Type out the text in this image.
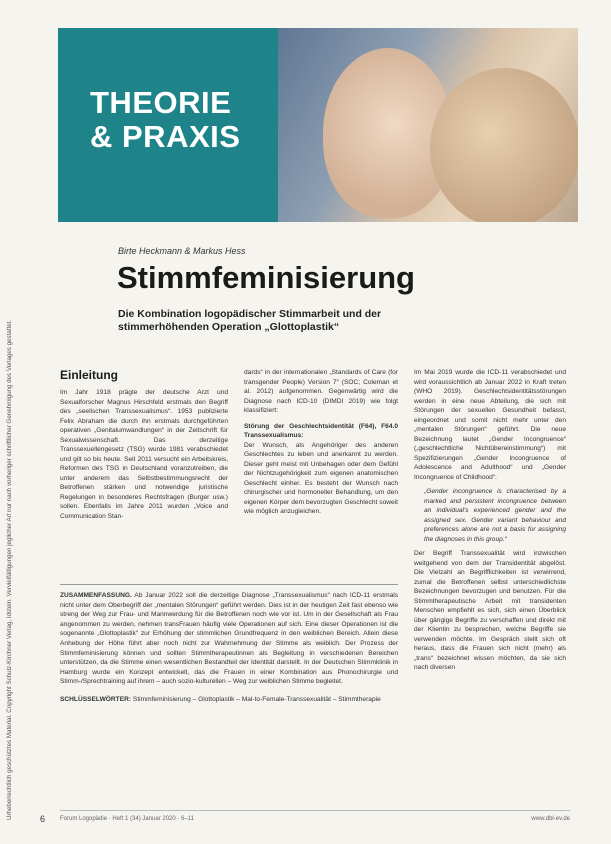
Urheberrechtlich geschütztes Material. Copyright Schulz-Kirchner Verlag, Idstein. Vervielfältigungen jeglicher Art nur nach vorheriger schriftlicher Genehmigung des Verlages gestattet.
THEORIE
& PRAXIS
Birte Heckmann & Markus Hess
Stimmfeminisierung
Die Kombination logopädischer Stimmarbeit und der stimmerhöhenden Operation „Glottoplastik“
Einleitung

Im Jahr 1918 prägte der deutsche Arzt und Sexualforscher Magnus Hirschfeld erstmals den Begriff des „seelischen Transsexualismus“. 1953 publizierte Felix Abraham die durch ihn erstmals durchgeführten operativen „Genitalumwandlungen“ in der Zeitschrift für Sexualwissenschaft. Das derzeitige Transsexuellengesetz (TSG) wurde 1981 verabschiedet und gilt so bis heute. Seit 2011 versucht ein Arbeitskreis, Reformen des TSG in Deutschland voranzutreiben, die unter anderem das Selbstbestimmungsrecht der Betroffenen stärken und notwendige juristische Regelungen in besonderes Rechtsfragen (Burger usw.) sollen. Ebenfalls im Jahre 2011 wurden „Voice and Communication Stan-

dards“ in der internationalen „Standards of Care (for transgender People) Version 7“ (SOC; Coleman et al. 2012) aufgenommen. Gegenwärtig wird die Diagnose nach ICD-10 (DIMDI 2019) wie folgt klassifiziert:

Störung der Geschlechtsidentität (F64), F64.0 Transsexualismus:
Der Wunsch, als Angehöriger des anderen Geschlechtes zu leben und anerkannt zu werden. Dieser geht meist mit Unbehagen oder dem Gefühl der Nichtzugehörigkeit zum eigenen anatomischen Geschlecht einher. Es besteht der Wunsch nach chirurgischer und hormoneller Behandlung, um den eigenen Körper dem bevorzugten Geschlecht soweit wie möglich anzugleichen.

Im Mai 2019 wurde die ICD-11 verabschiedet und wird voraussichtlich ab Januar 2022 in Kraft treten (WHO 2019). Geschlechtsidentitätsstörungen werden in eine neue Abteilung, die sich mit Störungen der sexuellen Gesundheit befasst, eingeordnet und somit nicht mehr unter den „mentalen Störungen“ geführt. Die neue Bezeichnung lautet „Gender Incongruence“ („geschlechtliche Nichtübereinstimmung“) mit Spezifizierungen „Gender Incongruence of Adolescence and Adulthood“ und „Gender Incongruence of Childhood“.

„Gender incongruence is characterised by a marked and persistent incongruence between an individual's experienced gender and the assigned sex. Gender variant behaviour and preferences alone are not a basis for assigning the diagnoses in this group.“

Der Begriff Transsexualität wird inzwischen weitgehend von dem der Transidentität abgelöst. Die Vielzahl an Begrifflichkeiten ist verwirrend, zumal die Betroffenen selbst unterschiedlichste Bezeichnungen bevorzugen und benutzen. Für die Stimmtherapeutische Arbeit mit transidenten Menschen empfiehlt es sich, sich einen Überblick über gängige Begriffe zu verschaffen und direkt mit der Klientin zu besprechen, welche Begriffe sie verwenden möchte. Im Gespräch stellt sich oft heraus, dass die Frauen sich nicht (mehr) als „trans“ bezeichnet wissen möchten, da sie sich nach diversen

ZUSAMMENFASSUNG. Ab Januar 2022 soll die derzeitige Diagnose „Transsexualismus“ nach ICD-11 erstmals nicht unter dem Oberbegriff der „mentalen Störungen“ geführt werden. Dies ist in der heutigen Zeit fast ebenso wie streng der Weg zur Frau- und Mannwerdung für die Betroffenen noch wie vor ist. Um in der Gesellschaft als Frau angenommen zu werden, nehmen transFrauen häufig viele Operationen auf sich. Eine dieser Operationen ist die sogenannte „Glottoplastik“ zur Erhöhung der stimmlichen Grundfrequenz in den weiblichen Bereich. Allein diese Anhebung der Höhe führt aber noch nicht zur Wahrnehmung der Stimme als weiblich. Der Prozess der Stimmfeminisierung können und sollten Stimmtherapeutinnen als Begleitung in verschiedenen Bereichen unterstützen, da die Stimme einen wesentlichen Bestandteil der Identität darstellt. In der Deutschen Stimmklinik in Hamburg wurde ein Konzept entwickelt, das die Frauen in einer Kombination aus Phonochirurgie und Stimm-/Sprechtraining auf ihrem – auch sozio-kulturellen – Weg zur weiblichen Stimme begleitet.
SCHLÜSSELWÖRTER: Stimmfeminisierung – Glottoplastik – Mal-to-Female-Transsexualität – Stimmtherapie
6 Forum Logopädie · Heft 1 (34) Januar 2020 · 6–11	www.dbl-ev.de
